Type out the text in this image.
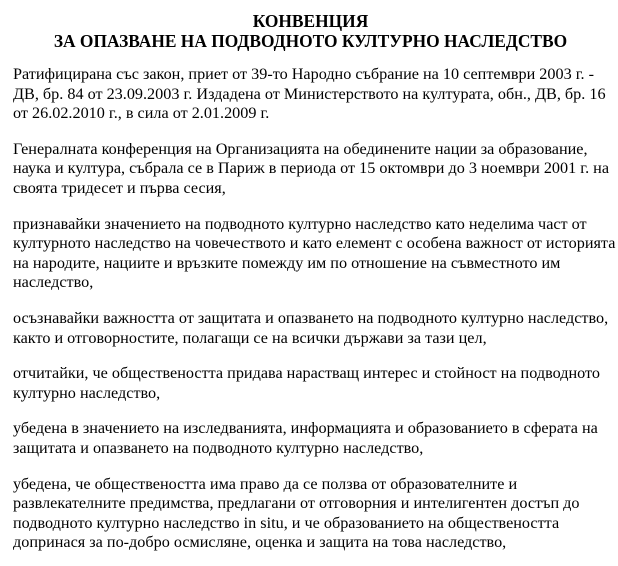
КОНВЕНЦИЯ

ЗА ОПАЗВАНЕ НА ПОДВОДНОТО КУЛТУРНО НАСЛЕДСТВО

Ратифицирана със закон, приет от 39-то Народно събрание на 10 септември 2003 г. -
ДВ, бр. 84 от 23.09.2003 г. Издадена от Министерството на културата, обн., ДВ, бр. 16
от 26.02.2010 г., в сила от 2.01.2009 г.
Генералната конференция на Организацията на обединените нации за образование,
наука и култура, събрала се в Париж в периода от 15 октомври до 3 ноември 2001 г. на
своята тридесет и първа сесия,
признавайки значението на подводното културно наследство като неделима част от
културното наследство на човечеството и като елемент с особена важност от историята
на народите, нациите и връзките помежду им по отношение на съвместното им
наследство,
осъзнавайки важността от защитата и опазването на подводното културно наследство,
както и отговорностите, полагащи се на всички държави за тази цел,
отчитайки, че обществеността придава нарастващ интерес и стойност на подводното
културно наследство,
убедена в значението на изследванията, информацията и образованието в сферата на
защитата и опазването на подводното културно наследство,
убедена, че обществеността има право да се ползва от образователните и
развлекателните предимства, предлагани от отговорния и интелигентен достъп до
подводното културно наследство in situ, и че образованието на обществеността
допринася за по-добро осмисляне, оценка и защита на това наследство,
